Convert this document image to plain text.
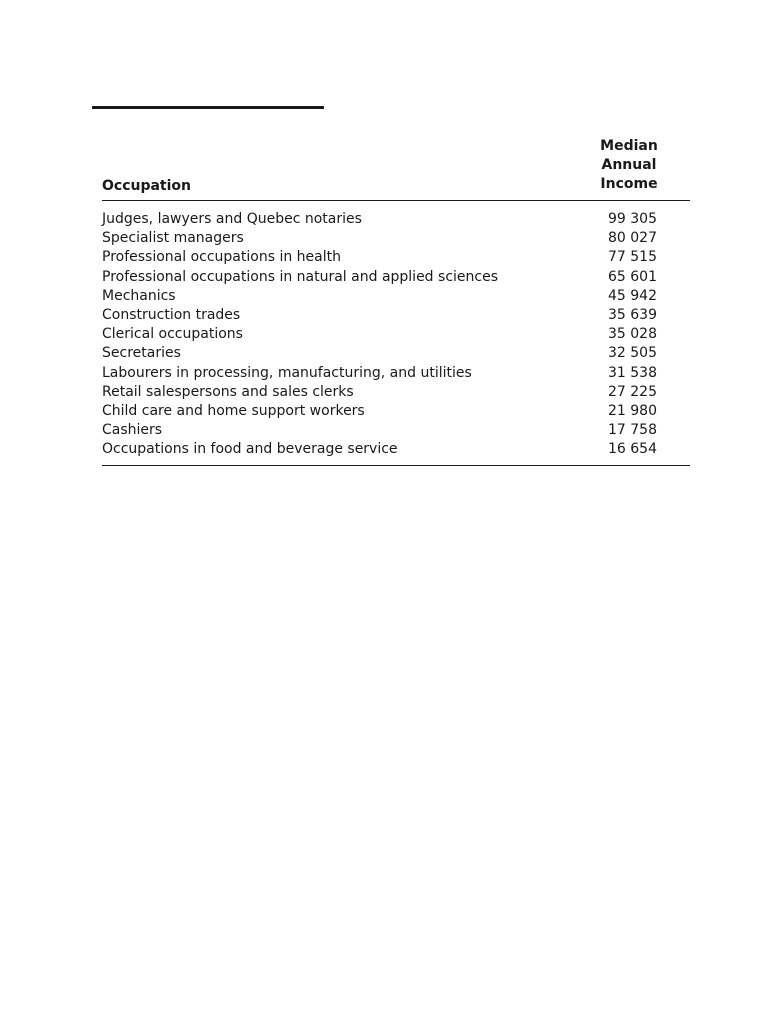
Occupation
Median Annual
Income
Judges, lawyers and Quebec notaries	99 305
Specialist managers	80 027
Professional occupations in health	77 515
Professional occupations in natural and applied sciences	65 601
Mechanics	45 942
Construction trades	35 639
Clerical occupations	35 028
Secretaries	32 505
Labourers in processing, manufacturing, and utilities	31 538
Retail salespersons and sales clerks	27 225
Child care and home support workers	21 980
Cashiers	17 758
Occupations in food and beverage service	16 654
